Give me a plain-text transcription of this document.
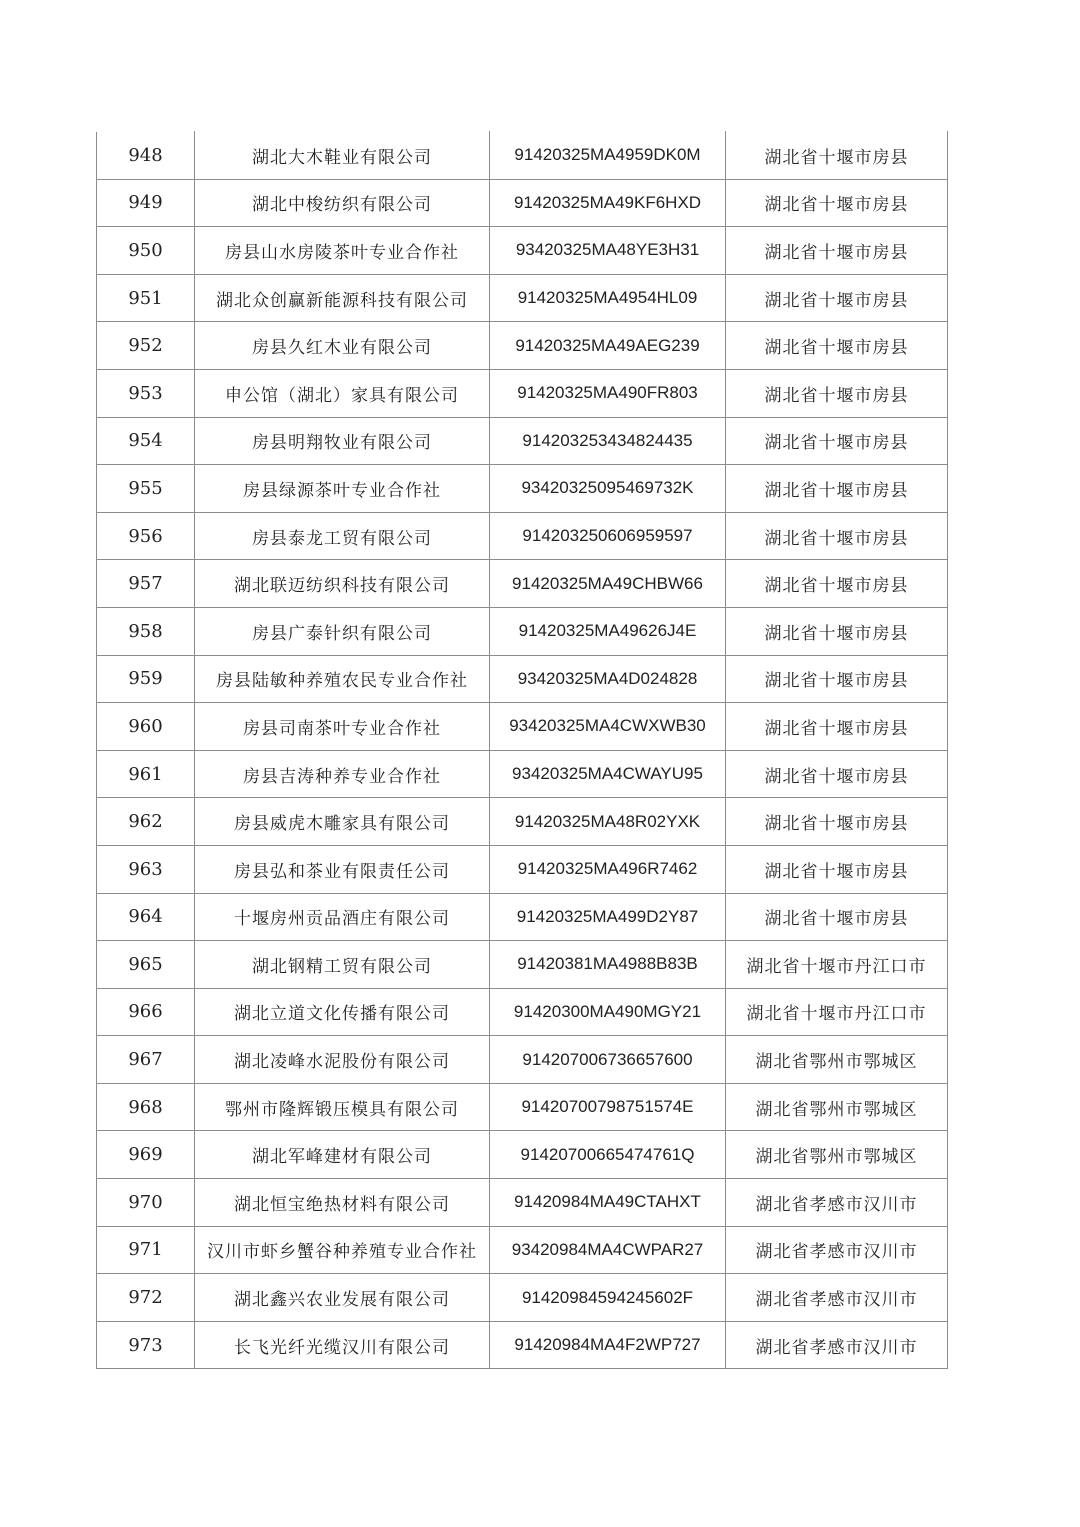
948	湖北大木鞋业有限公司	91420325MA4959DK0M	湖北省十堰市房县
949	湖北中梭纺织有限公司	91420325MA49KF6HXD	湖北省十堰市房县
950	房县山水房陵茶叶专业合作社	93420325MA48YE3H31	湖北省十堰市房县
951	湖北众创赢新能源科技有限公司	91420325MA4954HL09	湖北省十堰市房县
952	房县久红木业有限公司	91420325MA49AEG239	湖北省十堰市房县
953	申公馆（湖北）家具有限公司	91420325MA490FR803	湖北省十堰市房县
954	房县明翔牧业有限公司	914203253434824435	湖北省十堰市房县
955	房县绿源茶叶专业合作社	93420325095469732K	湖北省十堰市房县
956	房县泰龙工贸有限公司	914203250606959597	湖北省十堰市房县
957	湖北联迈纺织科技有限公司	91420325MA49CHBW66	湖北省十堰市房县
958	房县广泰针织有限公司	91420325MA49626J4E	湖北省十堰市房县
959	房县陆敏种养殖农民专业合作社	93420325MA4D024828	湖北省十堰市房县
960	房县司南茶叶专业合作社	93420325MA4CWXWB30	湖北省十堰市房县
961	房县吉涛种养专业合作社	93420325MA4CWAYU95	湖北省十堰市房县
962	房县威虎木雕家具有限公司	91420325MA48R02YXK	湖北省十堰市房县
963	房县弘和茶业有限责任公司	91420325MA496R7462	湖北省十堰市房县
964	十堰房州贡品酒庄有限公司	91420325MA499D2Y87	湖北省十堰市房县
965	湖北钢精工贸有限公司	91420381MA4988B83B	湖北省十堰市丹江口市
966	湖北立道文化传播有限公司	91420300MA490MGY21	湖北省十堰市丹江口市
967	湖北凌峰水泥股份有限公司	914207006736657600	湖北省鄂州市鄂城区
968	鄂州市隆辉锻压模具有限公司	91420700798751574E	湖北省鄂州市鄂城区
969	湖北军峰建材有限公司	91420700665474761Q	湖北省鄂州市鄂城区
970	湖北恒宝绝热材料有限公司	91420984MA49CTAHXT	湖北省孝感市汉川市
971	汉川市虾乡蟹谷种养殖专业合作社	93420984MA4CWPAR27	湖北省孝感市汉川市
972	湖北鑫兴农业发展有限公司	91420984594245602F	湖北省孝感市汉川市
973	长飞光纤光缆汉川有限公司	91420984MA4F2WP727	湖北省孝感市汉川市
